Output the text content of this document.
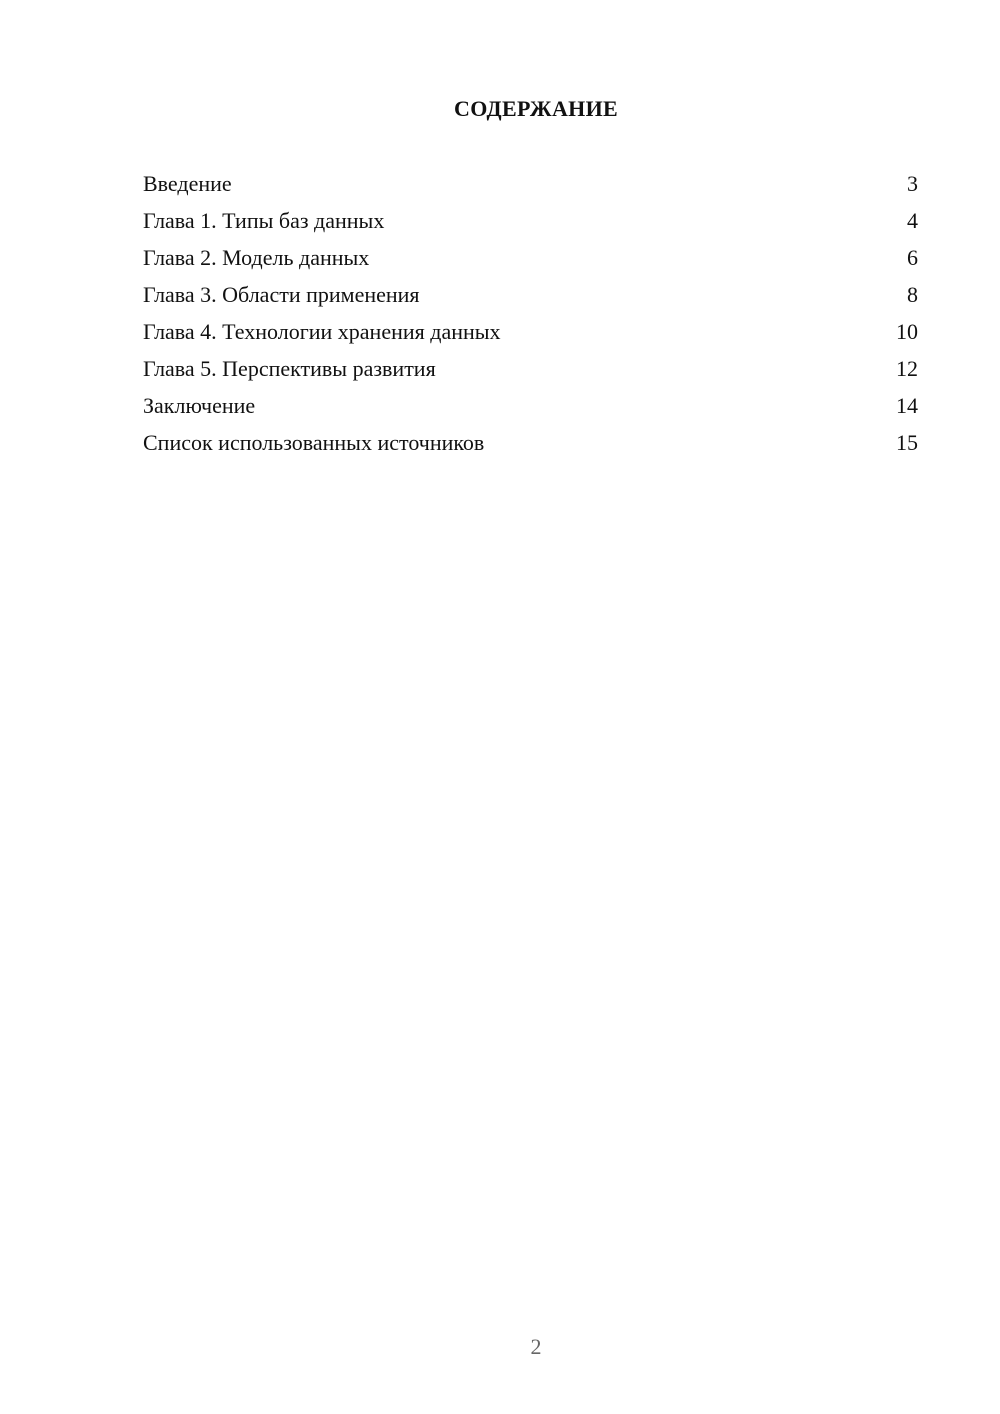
СОДЕРЖАНИЕ
Введение	3
Глава 1. Типы баз данных	4
Глава 2. Модель данных	6
Глава 3. Области применения	8
Глава 4. Технологии хранения данных	10
Глава 5. Перспективы развития	12
Заключение	14
Список использованных источников	15
2
